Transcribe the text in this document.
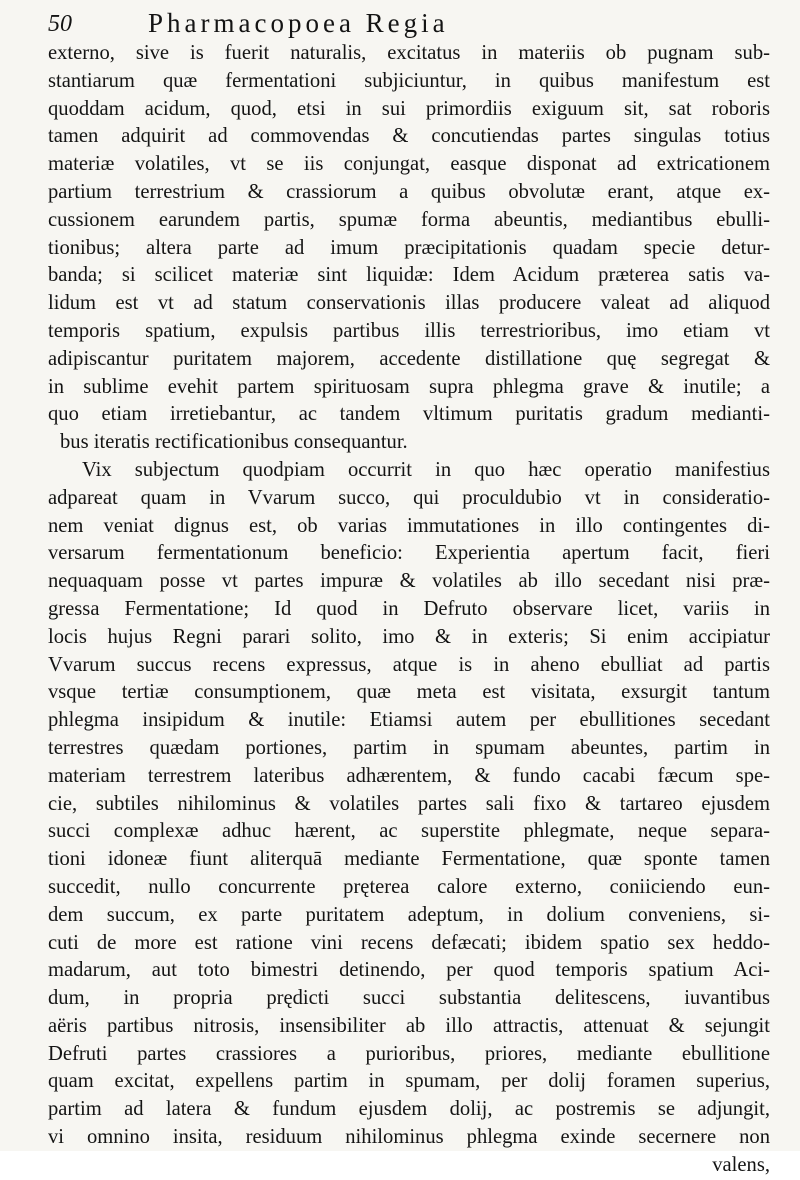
50	Pharmacopoea Regia
externo, sive is fuerit naturalis, excitatus in materiis ob pugnam sub-
stantiarum quæ fermentationi subjiciuntur, in quibus manifestum est
quoddam acidum, quod, etsi in sui primordiis exiguum sit, sat roboris
tamen adquirit ad commovendas & concutiendas partes singulas totius
materiæ volatiles, vt se iis conjungat, easque disponat ad extricationem
partium terrestrium & crassiorum a quibus obvolutæ erant, atque ex-
cussionem earundem partis, spumæ forma abeuntis, mediantibus ebulli-
tionibus; altera parte ad imum præcipitationis quadam specie detur-
banda; si scilicet materiæ sint liquidæ: Idem Acidum præterea satis va-
lidum est vt ad statum conservationis illas producere valeat ad aliquod
temporis spatium, expulsis partibus illis terrestrioribus, imo etiam vt
adipiscantur puritatem majorem, accedente distillatione quę segregat &
in sublime evehit partem spirituosam supra phlegma grave & inutile; a
quo etiam irretiebantur, ac tandem vltimum puritatis gradum medianti-
bus iteratis rectificationibus consequantur.
Vix subjectum quodpiam occurrit in quo hæc operatio manifestius
adpareat quam in Vvarum succo, qui proculdubio vt in consideratio-
nem veniat dignus est, ob varias immutationes in illo contingentes di-
versarum fermentationum beneficio: Experientia apertum facit, fieri
nequaquam posse vt partes impuræ & volatiles ab illo secedant nisi præ-
gressa Fermentatione; Id quod in Defruto observare licet, variis in
locis hujus Regni parari solito, imo & in exteris; Si enim accipiatur
Vvarum succus recens expressus, atque is in aheno ebulliat ad partis
vsque tertiæ consumptionem, quæ meta est visitata, exsurgit tantum
phlegma insipidum & inutile: Etiamsi autem per ebullitiones secedant
terrestres quædam portiones, partim in spumam abeuntes, partim in
materiam terrestrem lateribus adhærentem, & fundo cacabi fæcum spe-
cie, subtiles nihilominus & volatiles partes sali fixo & tartareo ejusdem
succi complexæ adhuc hærent, ac superstite phlegmate, neque separa-
tioni idoneæ fiunt aliterquā mediante Fermentatione, quæ sponte tamen
succedit, nullo concurrente pręterea calore externo, coniiciendo eun-
dem succum, ex parte puritatem adeptum, in dolium conveniens, si-
cuti de more est ratione vini recens defæcati; ibidem spatio sex heddo-
madarum, aut toto bimestri detinendo, per quod temporis spatium Aci-
dum, in propria prędicti succi substantia delitescens, iuvantibus
aëris partibus nitrosis, insensibiliter ab illo attractis, attenuat & sejungit
Defruti partes crassiores a purioribus, priores, mediante ebullitione
quam excitat, expellens partim in spumam, per dolij foramen superius,
partim ad latera & fundum ejusdem dolij, ac postremis se adjungit,
vi omnino insita, residuum nihilominus phlegma exinde secernere non
valens,
